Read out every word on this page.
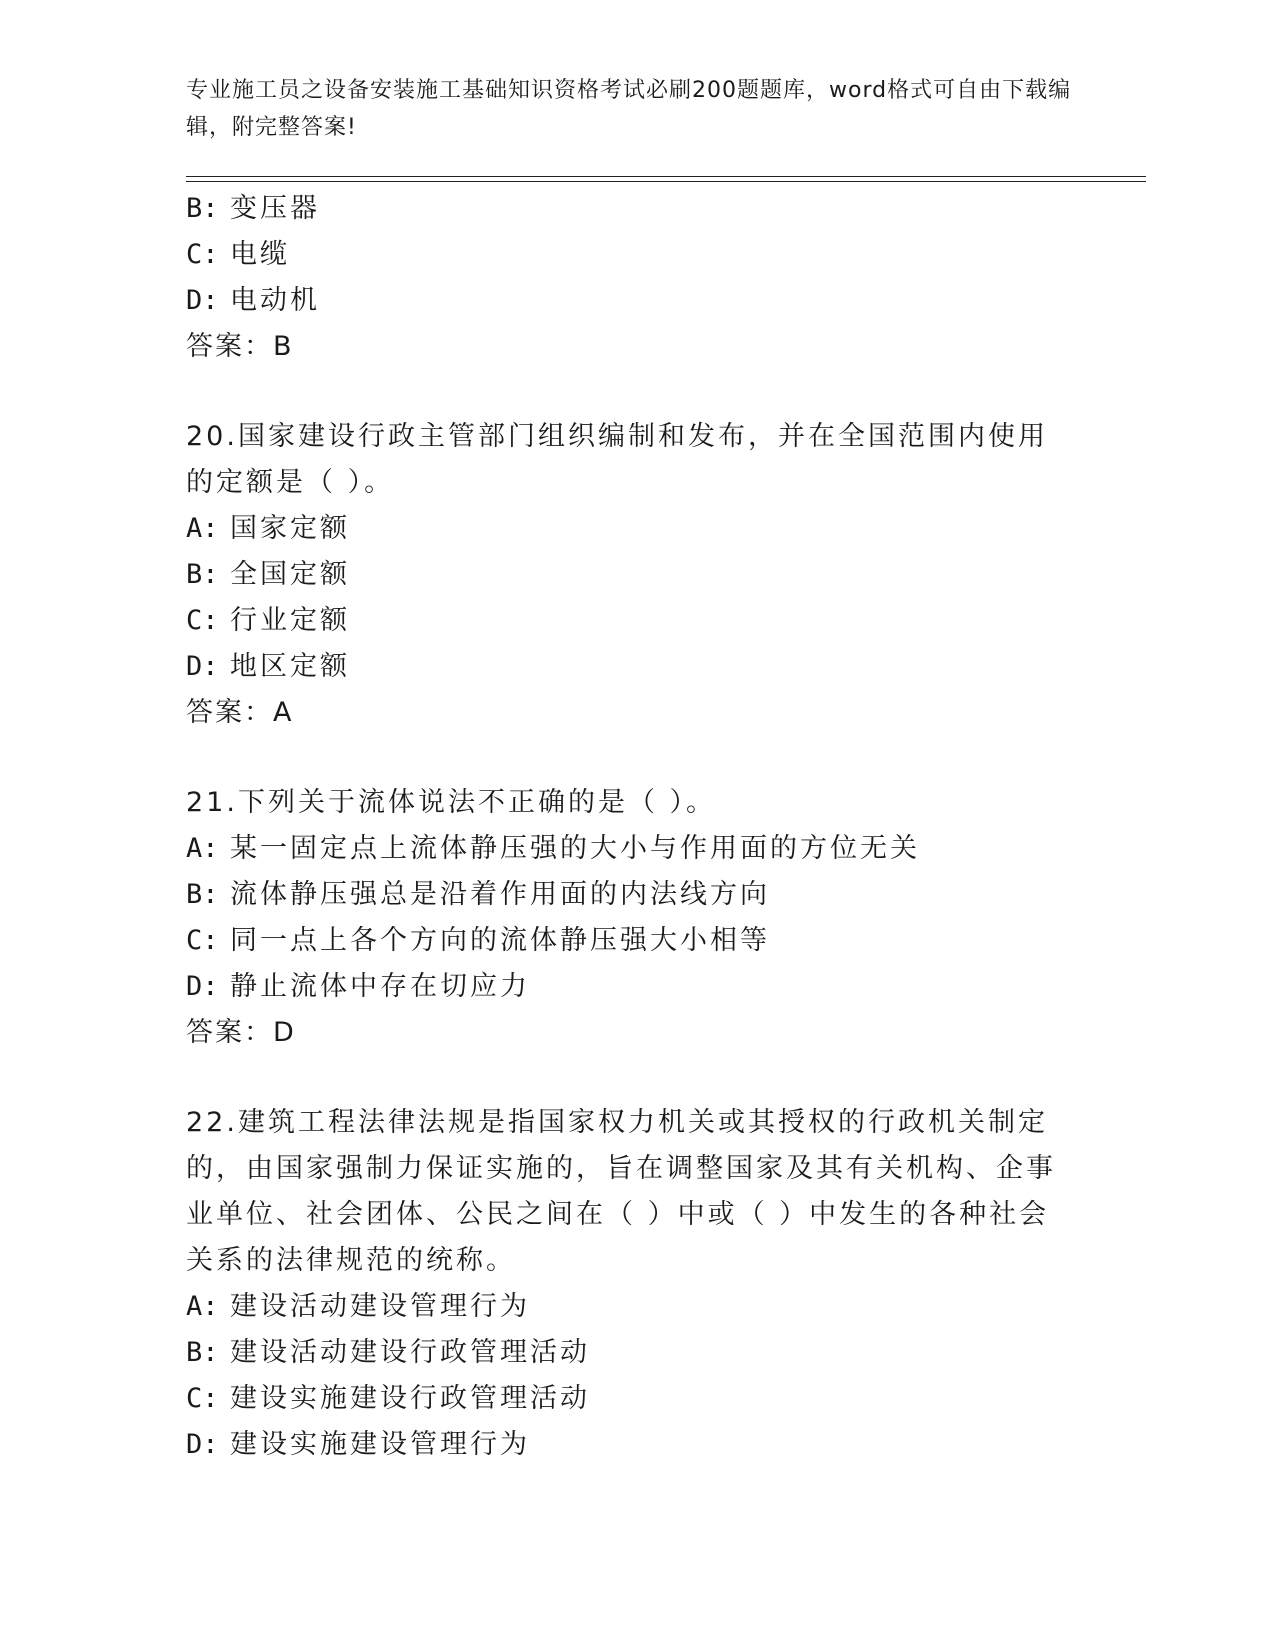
专业施工员之设备安装施工基础知识资格考试必刷200题题库，word格式可自由下载编辑，附完整答案!
B: 变压器
C: 电缆
D: 电动机
答案：B
20.国家建设行政主管部门组织编制和发布，并在全国范围内使用的定额是（ ）。
A: 国家定额
B: 全国定额
C: 行业定额
D: 地区定额
答案：A
21.下列关于流体说法不正确的是（ ）。
A: 某一固定点上流体静压强的大小与作用面的方位无关
B: 流体静压强总是沿着作用面的内法线方向
C: 同一点上各个方向的流体静压强大小相等
D: 静止流体中存在切应力
答案：D
22.建筑工程法律法规是指国家权力机关或其授权的行政机关制定的，由国家强制力保证实施的，旨在调整国家及其有关机构、企事业单位、社会团体、公民之间在（ ）中或（ ）中发生的各种社会关系的法律规范的统称。
A: 建设活动建设管理行为
B: 建设活动建设行政管理活动
C: 建设实施建设行政管理活动
D: 建设实施建设管理行为
